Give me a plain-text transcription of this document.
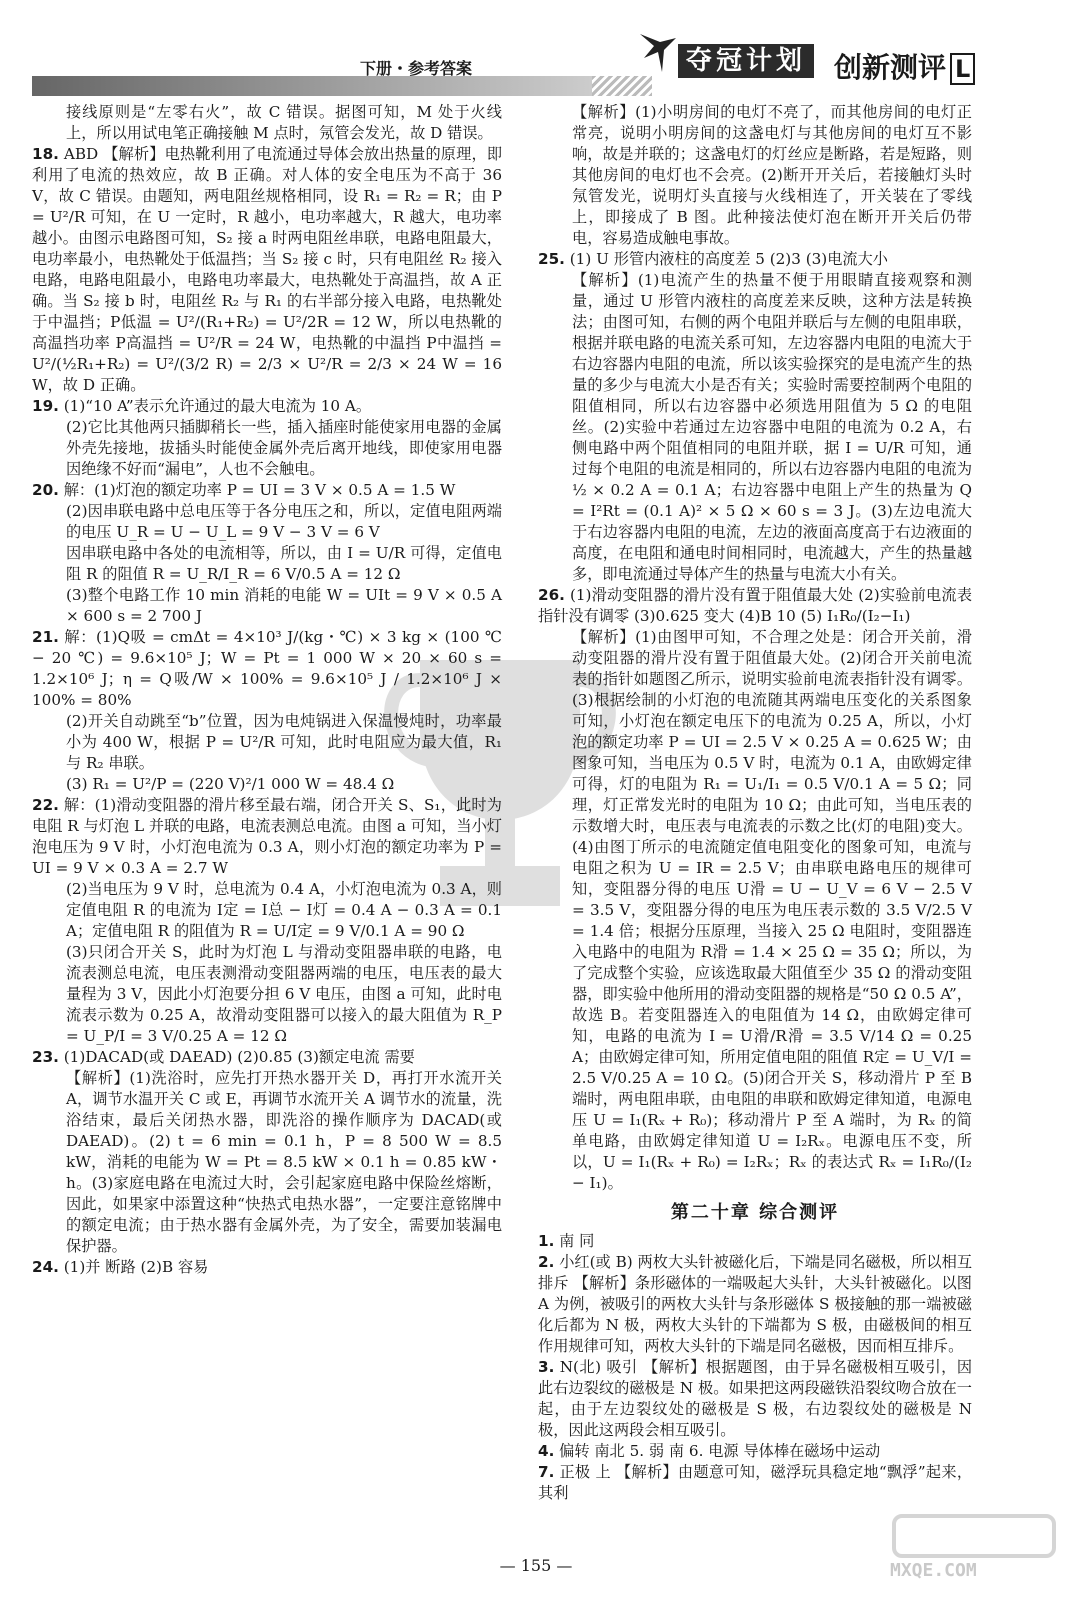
下册・参考答案	夺冠计划 创新测评 L

接线原则是“左零右火”，故 C 错误。据图可知，M 处于火线上，所以用试电笔正确接触 M 点时，氖管会发光，故 D 错误。

18. ABD 【解析】电热靴利用了电流通过导体会放出热量的原理，即利用了电流的热效应，故 B 正确。对人体的安全电压为不高于 36 V，故 C 错误。由题知，两电阻丝规格相同，设 R₁ = R₂ = R；由 P = U²/R 可知，在 U 一定时，R 越小，电功率越大，R 越大，电功率越小。由图示电路图可知，S₂ 接 a 时两电阻丝串联，电路电阻最大，电功率最小，电热靴处于低温挡；当 S₂ 接 c 时，只有电阻丝 R₂ 接入电路，电路电阻最小，电路电功率最大，电热靴处于高温挡，故 A 正确。当 S₂ 接 b 时，电阻丝 R₂ 与 R₁ 的右半部分接入电路，电热靴处于中温挡；P低温 = U²/(R₁+R₂) = U²/2R = 12 W，所以电热靴的高温挡功率 P高温挡 = U²/R = 24 W，电热靴的中温挡 P中温挡 = U²/(½R₁+R₂) = U²/(3/2 R) = 2/3 × U²/R = 2/3 × 24 W = 16 W，故 D 正确。

19. (1)“10 A”表示允许通过的最大电流为 10 A。

(2)它比其他两只插脚稍长一些，插入插座时能使家用电器的金属外壳先接地，拔插头时能使金属外壳后离开地线，即使家用电器因绝缘不好而“漏电”，人也不会触电。

20. 解：(1)灯泡的额定功率 P = UI = 3 V × 0.5 A = 1.5 W

(2)因串联电路中总电压等于各分电压之和，所以，定值电阻两端的电压 U_R = U − U_L = 9 V − 3 V = 6 V

因串联电路中各处的电流相等，所以，由 I = U/R 可得，定值电阻 R 的阻值 R = U_R/I_R = 6 V/0.5 A = 12 Ω

(3)整个电路工作 10 min 消耗的电能 W = UIt = 9 V × 0.5 A × 600 s = 2 700 J

21. 解：(1)Q吸 = cmΔt = 4×10³ J/(kg・℃) × 3 kg × (100 ℃ − 20 ℃) = 9.6×10⁵ J；W = Pt = 1 000 W × 20 × 60 s = 1.2×10⁶ J；η = Q吸/W × 100% = 9.6×10⁵ J / 1.2×10⁶ J × 100% = 80%

(2)开关自动跳至“b”位置，因为电炖锅进入保温慢炖时，功率最小为 400 W，根据 P = U²/R 可知，此时电阻应为最大值，R₁ 与 R₂ 串联。

(3) R₁ = U²/P = (220 V)²/1 000 W = 48.4 Ω

22. 解：(1)滑动变阻器的滑片移至最右端，闭合开关 S、S₁，此时为电阻 R 与灯泡 L 并联的电路，电流表测总电流。由图 a 可知，当小灯泡电压为 9 V 时，小灯泡电流为 0.3 A，则小灯泡的额定功率为 P = UI = 9 V × 0.3 A = 2.7 W

(2)当电压为 9 V 时，总电流为 0.4 A，小灯泡电流为 0.3 A，则定值电阻 R 的电流为 I定 = I总 − I灯 = 0.4 A − 0.3 A = 0.1 A；定值电阻 R 的阻值为 R = U/I定 = 9 V/0.1 A = 90 Ω

(3)只闭合开关 S，此时为灯泡 L 与滑动变阻器串联的电路，电流表测总电流，电压表测滑动变阻器两端的电压，电压表的最大量程为 3 V，因此小灯泡要分担 6 V 电压，由图 a 可知，此时电流表示数为 0.25 A，故滑动变阻器可以接入的最大阻值为 R_P = U_P/I = 3 V/0.25 A = 12 Ω

23. (1)DACAD(或 DAEAD) (2)0.85 (3)额定电流 需要

【解析】(1)洗浴时，应先打开热水器开关 D，再打开水流开关 A，调节水温开关 C 或 E，再调节水流开关 A 调节水的流量，洗浴结束，最后关闭热水器，即洗浴的操作顺序为 DACAD(或 DAEAD)。(2) t = 6 min = 0.1 h，P = 8 500 W = 8.5 kW，消耗的电能为 W = Pt = 8.5 kW × 0.1 h = 0.85 kW・h。(3)家庭电路在电流过大时，会引起家庭电路中保险丝熔断，因此，如果家中添置这种“快热式电热水器”，一定要注意铭牌中的额定电流；由于热水器有金属外壳，为了安全，需要加装漏电保护器。

24. (1)并 断路 (2)B 容易

【解析】(1)小明房间的电灯不亮了，而其他房间的电灯正常亮，说明小明房间的这盏电灯与其他房间的电灯互不影响，故是并联的；这盏电灯的灯丝应是断路，若是短路，则其他房间的电灯也不会亮。(2)断开开关后，若接触灯头时氖管发光，说明灯头直接与火线相连了，开关装在了零线上，即接成了 B 图。此种接法使灯泡在断开开关后仍带电，容易造成触电事故。

25. (1) U 形管内液柱的高度差 5 (2)3 (3)电流大小

【解析】(1)电流产生的热量不便于用眼睛直接观察和测量，通过 U 形管内液柱的高度差来反映，这种方法是转换法；由图可知，右侧的两个电阻并联后与左侧的电阻串联，根据并联电路的电流关系可知，左边容器内电阻的电流大于右边容器内电阻的电流，所以该实验探究的是电流产生的热量的多少与电流大小是否有关；实验时需要控制两个电阻的阻值相同，所以右边容器中必须选用阻值为 5 Ω 的电阻丝。(2)实验中若通过左边容器中电阻的电流为 0.2 A，右侧电路中两个阻值相同的电阻并联，据 I = U/R 可知，通过每个电阻的电流是相同的，所以右边容器内电阻的电流为 ½ × 0.2 A = 0.1 A；右边容器中电阻上产生的热量为 Q = I²Rt = (0.1 A)² × 5 Ω × 60 s = 3 J。(3)左边电流大于右边容器内电阻的电流，左边的液面高度高于右边液面的高度，在电阻和通电时间相同时，电流越大，产生的热量越多，即电流通过导体产生的热量与电流大小有关。

26. (1)滑动变阻器的滑片没有置于阻值最大处 (2)实验前电流表指针没有调零 (3)0.625 变大 (4)B 10 (5) I₁R₀/(I₂−I₁)

【解析】(1)由图甲可知，不合理之处是：闭合开关前，滑动变阻器的滑片没有置于阻值最大处。(2)闭合开关前电流表的指针如题图乙所示，说明实验前电流表指针没有调零。(3)根据绘制的小灯泡的电流随其两端电压变化的关系图象可知，小灯泡在额定电压下的电流为 0.25 A，所以，小灯泡的额定功率 P = UI = 2.5 V × 0.25 A = 0.625 W；由图象可知，当电压为 0.5 V 时，电流为 0.1 A，由欧姆定律可得，灯的电阻为 R₁ = U₁/I₁ = 0.5 V/0.1 A = 5 Ω；同理，灯正常发光时的电阻为 10 Ω；由此可知，当电压表的示数增大时，电压表与电流表的示数之比(灯的电阻)变大。(4)由图丁所示的电流随定值电阻变化的图象可知，电流与电阻之积为 U = IR = 2.5 V；由串联电路电压的规律可知，变阻器分得的电压 U滑 = U − U_V = 6 V − 2.5 V = 3.5 V，变阻器分得的电压为电压表示数的 3.5 V/2.5 V = 1.4 倍；根据分压原理，当接入 25 Ω 电阻时，变阻器连入电路中的电阻为 R滑 = 1.4 × 25 Ω = 35 Ω；所以，为了完成整个实验，应该选取最大阻值至少 35 Ω 的滑动变阻器，即实验中他所用的滑动变阻器的规格是“50 Ω 0.5 A”，故选 B。若变阻器连入的电阻值为 14 Ω，由欧姆定律可知，电路的电流为 I = U滑/R滑 = 3.5 V/14 Ω = 0.25 A；由欧姆定律可知，所用定值电阻的阻值 R定 = U_V/I = 2.5 V/0.25 A = 10 Ω。(5)闭合开关 S，移动滑片 P 至 B 端时，两电阻串联，由电阻的串联和欧姆定律知道，电源电压 U = I₁(Rₓ + R₀)；移动滑片 P 至 A 端时，为 Rₓ 的简单电路，由欧姆定律知道 U = I₂Rₓ。电源电压不变，所以，U = I₁(Rₓ + R₀) = I₂Rₓ；Rₓ 的表达式 Rₓ = I₁R₀/(I₂ − I₁)。

第二十章 综合测评

1. 南 同

2. 小红(或 B) 两枚大头针被磁化后，下端是同名磁极，所以相互排斥 【解析】条形磁体的一端吸起大头针，大头针被磁化。以图 A 为例，被吸引的两枚大头针与条形磁体 S 极接触的那一端被磁化后都为 N 极，两枚大头针的下端都为 S 极，由磁极间的相互作用规律可知，两枚大头针的下端是同名磁极，因而相互排斥。

3. N(北) 吸引 【解析】根据题图，由于异名磁极相互吸引，因此右边裂纹的磁极是 N 极。如果把这两段磁铁沿裂纹吻合放在一起，由于左边裂纹处的磁极是 S 极，右边裂纹处的磁极是 N 极，因此这两段会相互吸引。

4. 偏转 南北 5. 弱 南 6. 电源 导体棒在磁场中运动

7. 正极 上 【解析】由题意可知，磁浮玩具稳定地“飘浮”起来，其利

— 155 —	MXQE.COM
